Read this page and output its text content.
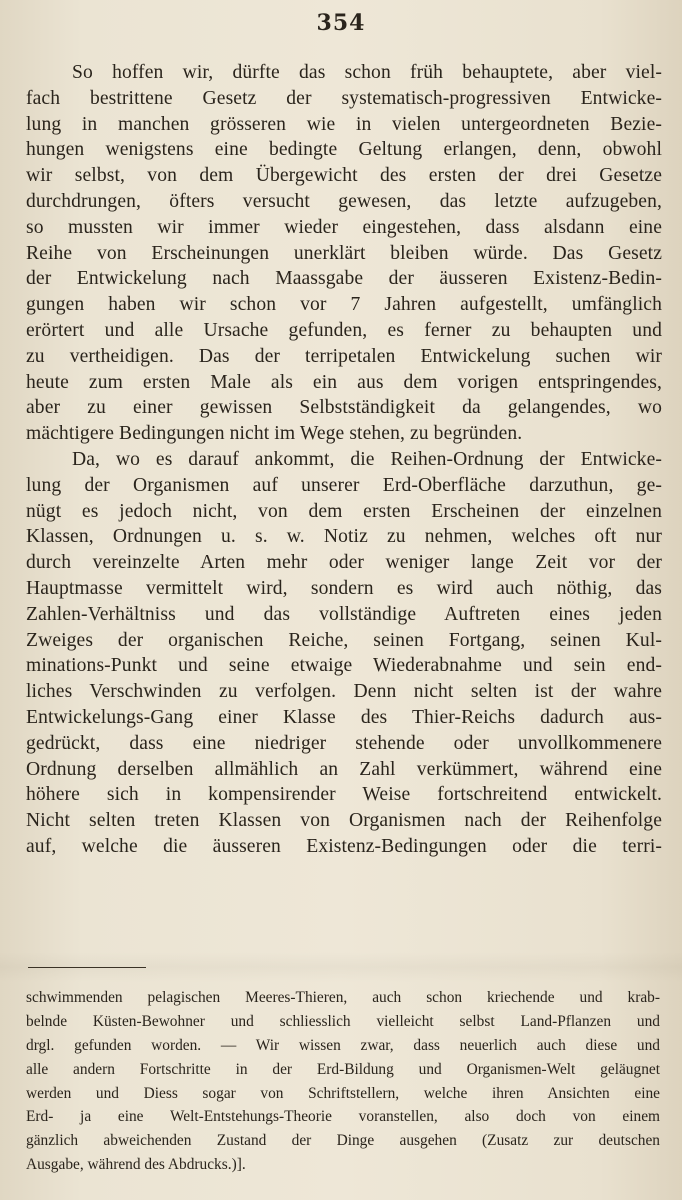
354
So hoffen wir, dürfte das schon früh behauptete, aber viel-
fach bestrittene Gesetz der systematisch-progressiven Entwicke-
lung in manchen grösseren wie in vielen untergeordneten Bezie-
hungen wenigstens eine bedingte Geltung erlangen, denn, obwohl
wir selbst, von dem Übergewicht des ersten der drei Gesetze
durchdrungen, öfters versucht gewesen, das letzte aufzugeben,
so mussten wir immer wieder eingestehen, dass alsdann eine
Reihe von Erscheinungen unerklärt bleiben würde. Das Gesetz
der Entwickelung nach Maassgabe der äusseren Existenz-Bedin-
gungen haben wir schon vor 7 Jahren aufgestellt, umfänglich
erörtert und alle Ursache gefunden, es ferner zu behaupten und
zu vertheidigen. Das der terripetalen Entwickelung suchen wir
heute zum ersten Male als ein aus dem vorigen entspringendes,
aber zu einer gewissen Selbstständigkeit da gelangendes, wo
mächtigere Bedingungen nicht im Wege stehen, zu begründen.
Da, wo es darauf ankommt, die Reihen-Ordnung der Entwicke-
lung der Organismen auf unserer Erd-Oberfläche darzuthun, ge-
nügt es jedoch nicht, von dem ersten Erscheinen der einzelnen
Klassen, Ordnungen u. s. w. Notiz zu nehmen, welches oft nur
durch vereinzelte Arten mehr oder weniger lange Zeit vor der
Hauptmasse vermittelt wird, sondern es wird auch nöthig, das
Zahlen-Verhältniss und das vollständige Auftreten eines jeden
Zweiges der organischen Reiche, seinen Fortgang, seinen Kul-
minations-Punkt und seine etwaige Wiederabnahme und sein end-
liches Verschwinden zu verfolgen. Denn nicht selten ist der wahre
Entwickelungs-Gang einer Klasse des Thier-Reichs dadurch aus-
gedrückt, dass eine niedriger stehende oder unvollkommenere
Ordnung derselben allmählich an Zahl verkümmert, während eine
höhere sich in kompensirender Weise fortschreitend entwickelt.
Nicht selten treten Klassen von Organismen nach der Reihenfolge
auf, welche die äusseren Existenz-Bedingungen oder die terri-
schwimmenden pelagischen Meeres-Thieren, auch schon kriechende und krab-
belnde Küsten-Bewohner und schliesslich vielleicht selbst Land-Pflanzen und
drgl. gefunden worden. — Wir wissen zwar, dass neuerlich auch diese und
alle andern Fortschritte in der Erd-Bildung und Organismen-Welt geläugnet
werden und Diess sogar von Schriftstellern, welche ihren Ansichten eine
Erd- ja eine Welt-Entstehungs-Theorie voranstellen, also doch von einem
gänzlich abweichenden Zustand der Dinge ausgehen (Zusatz zur deutschen
Ausgabe, während des Abdrucks.)].
